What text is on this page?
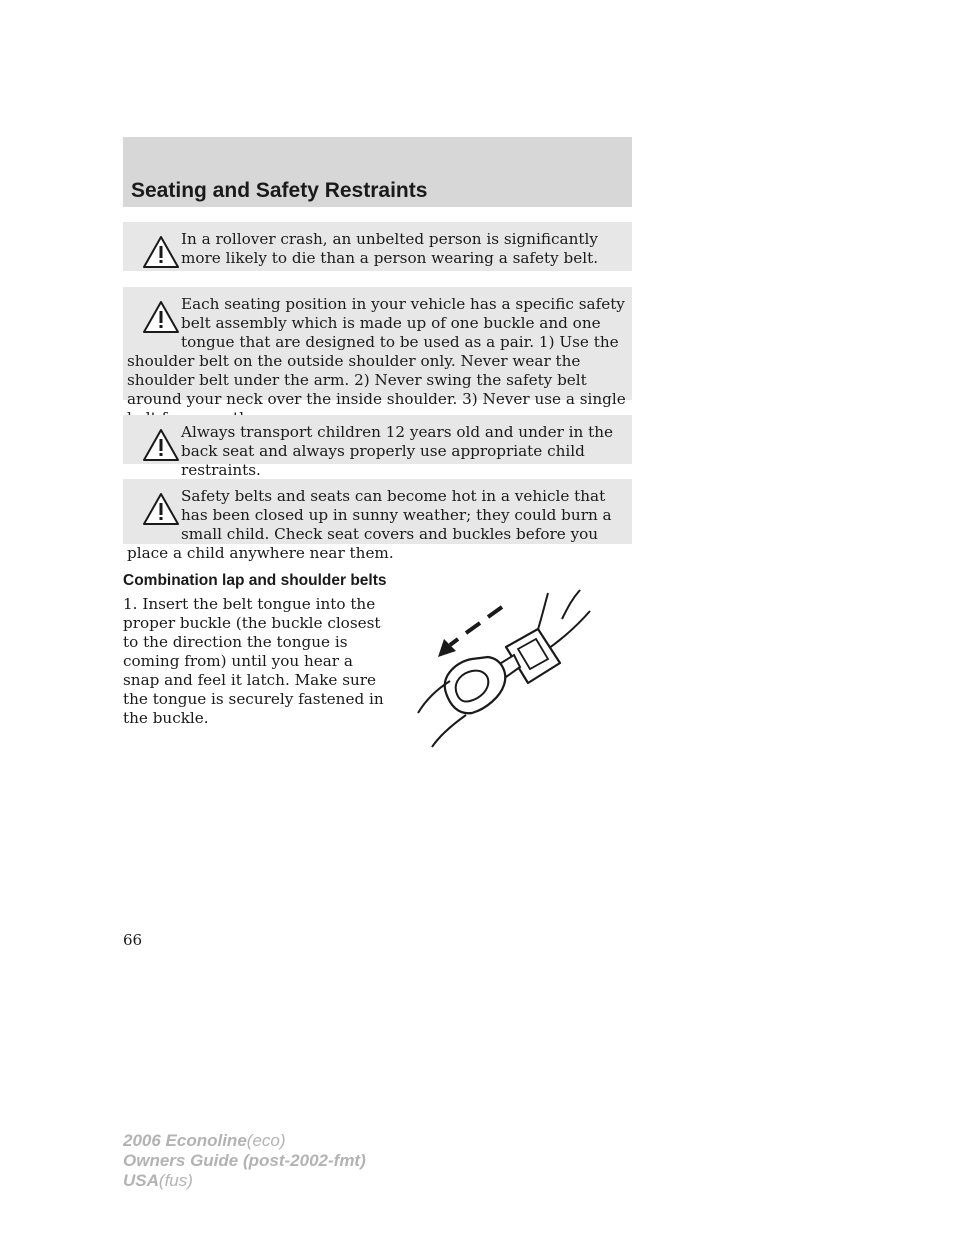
Seating and Safety Restraints
In a rollover crash, an unbelted person is significantly more likely to die than a person wearing a safety belt.
Each seating position in your vehicle has a specific safety belt assembly which is made up of one buckle and one tongue that are designed to be used as a pair. 1) Use the shoulder belt on the outside shoulder only. Never wear the shoulder belt under the arm. 2) Never swing the safety belt around your neck over the inside shoulder. 3) Never use a single
Always transport children 12 years old and under in the back seat and always properly use appropriate child restraints.
Safety belts and seats can become hot in a vehicle that has been closed up in sunny weather; they could burn a small child. Check seat covers and buckles before you place a child anywhere near them.
Combination lap and shoulder belts
1. Insert the belt tongue into the proper buckle (the buckle closest to the direction the tongue is coming from) until you hear a snap and feel it latch. Make sure the tongue is securely fastened in the buckle.
66
2006 Econoline(eco)
Owners Guide (post-2002-fmt)
USA(fus)
